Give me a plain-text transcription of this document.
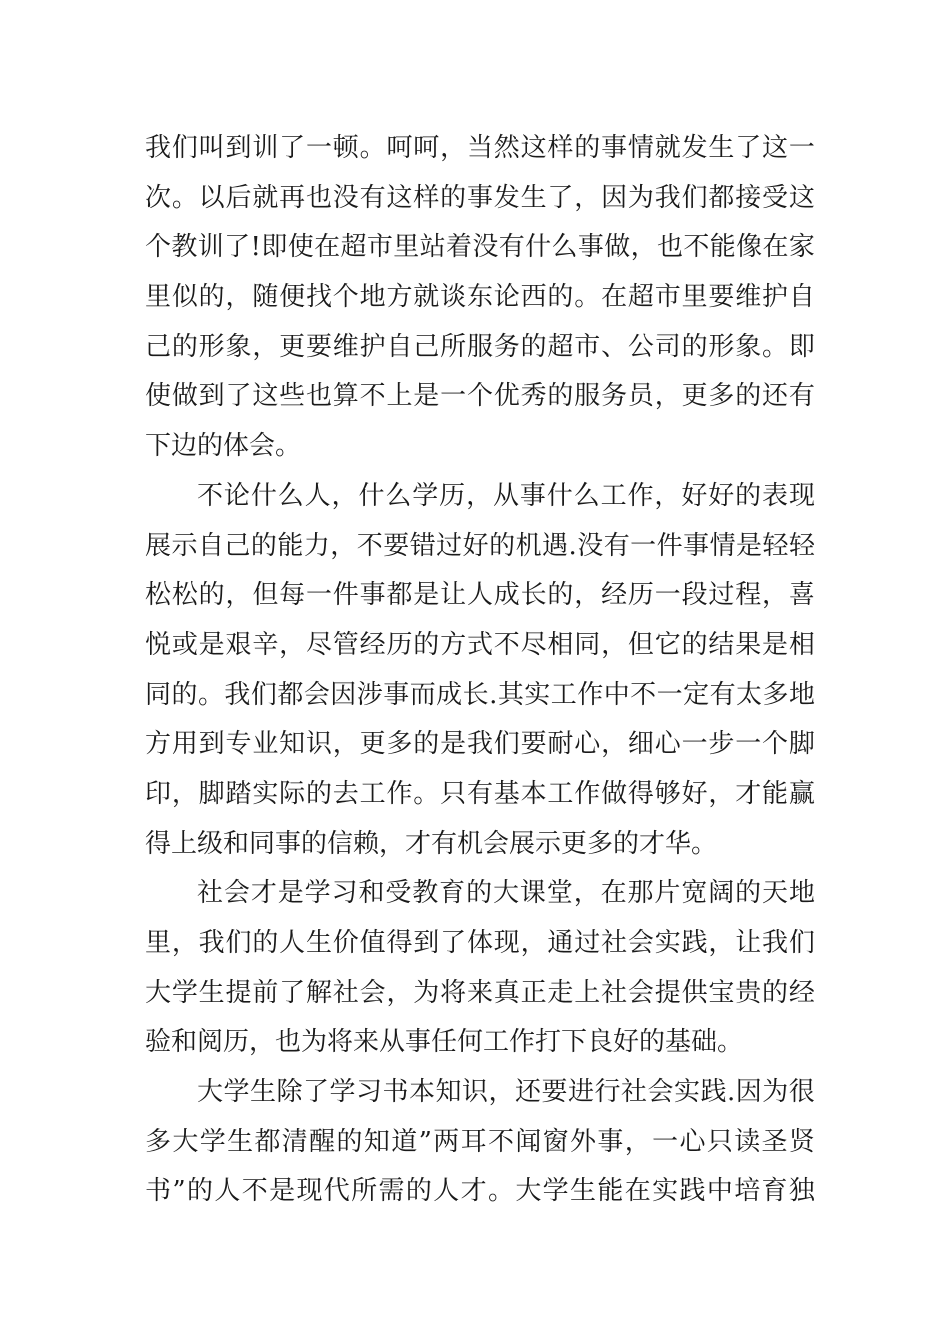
我 们 叫 到 训 了 一 顿 。 呵 呵 ， 当 然 这 样 的 事 情 就 发 生 了 这 一
次 。 以 后 就 再 也 没 有 这 样 的 事 发 生 了 ， 因 为 我 们 都 接 受 这
个 教 训 了 ! 即 使 在 超 市 里 站 着 没 有 什 么 事 做 ， 也 不 能 像 在 家
里 似 的 ， 随 便 找 个 地 方 就 谈 东 论 西 的 。 在 超 市 里 要 维 护 自
己 的 形 象 ， 更 要 维 护 自 己 所 服 务 的 超 市 、 公 司 的 形 象 。 即
使 做 到 了 这 些 也 算 不 上 是 一 个 优 秀 的 服 务 员 ， 更 多 的 还 有
下边的体会。
不 论 什 么 人 ， 什 么 学 历 ， 从 事 什 么 工 作 ， 好 好 的 表 现
展 示 自 己 的 能 力 ， 不 要 错 过 好 的 机 遇 . 没 有 一 件 事 情 是 轻 轻
松 松 的 ， 但 每 一 件 事 都 是 让 人 成 长 的 ， 经 历 一 段 过 程 ， 喜
悦 或 是 艰 辛 ， 尽 管 经 历 的 方 式 不 尽 相 同 ， 但 它 的 结 果 是 相
同 的 。 我 们 都 会 因 涉 事 而 成 长 . 其 实 工 作 中 不 一 定 有 太 多 地
方 用 到 专 业 知 识 ， 更 多 的 是 我 们 要 耐 心 ， 细 心 一 步 一 个 脚
印 ， 脚 踏 实 际 的 去 工 作 。 只 有 基 本 工 作 做 得 够 好 ， 才 能 赢
得上级和同事的信赖，才有机会展示更多的才华。
社 会 才 是 学 习 和 受 教 育 的 大 课 堂 ， 在 那 片 宽 阔 的 天 地
里 ， 我 们 的 人 生 价 值 得 到 了 体 现 ， 通 过 社 会 实 践 ， 让 我 们
大 学 生 提 前 了 解 社 会 ， 为 将 来 真 正 走 上 社 会 提 供 宝 贵 的 经
验和阅历，也为将来从事任何工作打下良好的基础。
大 学 生 除 了 学 习 书 本 知 识 ， 还 要 进 行 社 会 实 践 . 因 为 很
多 大 学 生 都 清 醒 的 知 道 ” 两 耳 不 闻 窗 外 事 ， 一 心 只 读 圣 贤
书 ” 的 人 不 是 现 代 所 需 的 人 才 。 大 学 生 能 在 实 践 中 培 育 独
